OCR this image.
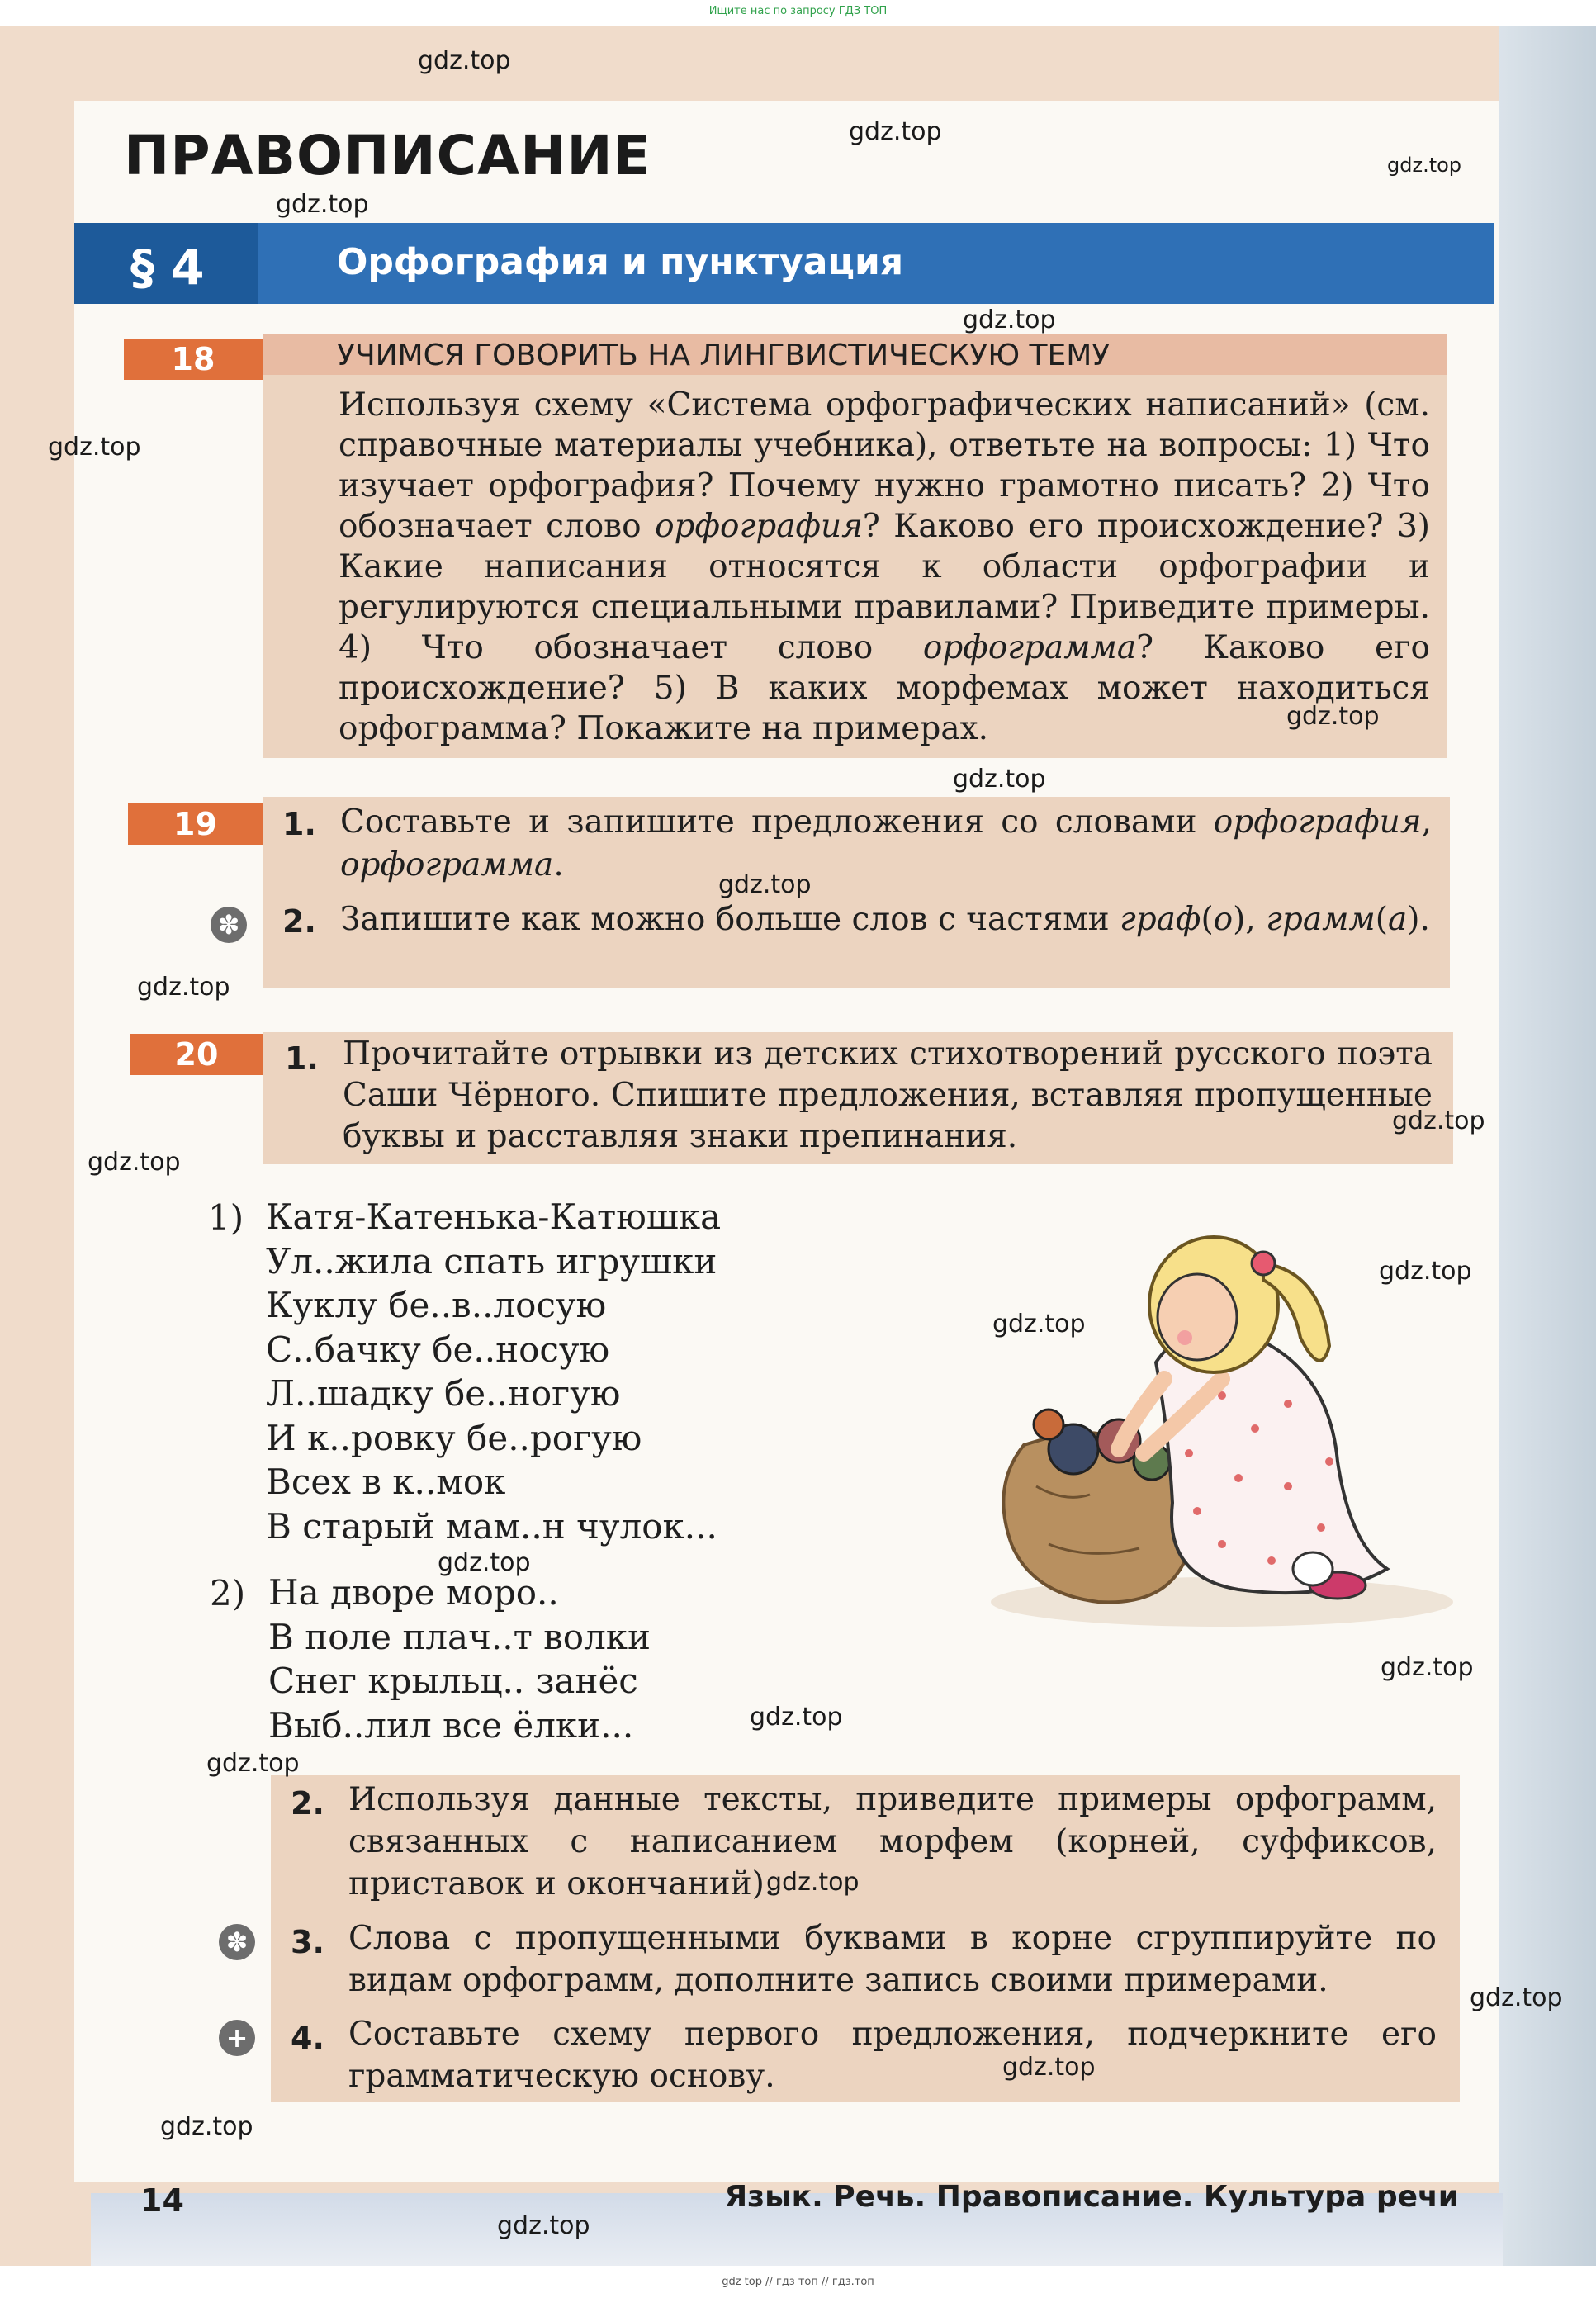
Ищите нас по запросу ГДЗ ТОП
ПРАВОПИСАНИЕ
§ 4	Орфография и пунктуация
18	УЧИМСЯ ГОВОРИТЬ НА ЛИНГВИСТИЧЕСКУЮ ТЕМУ

Используя схему «Система орфографических написаний» (см. справочные материалы учебника), ответьте на вопросы: 1) Что изучает орфография? Почему нужно грамотно писать? 2) Что обозначает слово орфография? Каково его происхождение? 3) Какие написания относятся к области орфографии и регулируются специальными правилами? Приведите примеры. 4) Что обозначает слово орфограмма? Каково его происхождение? 5) В каких морфемах может находиться орфограмма? Покажите на примерах.

19	1. Составьте и запишите предложения со словами орфография, орфограмма.

✽ 2. Запишите как можно больше слов с частями граф(о), грамм(а).

20	1. Прочитайте отрывки из детских стихотворений русского поэта Саши Чёрного. Спишите предложения, вставляя пропущенные буквы и расставляя знаки препинания.

1) Катя-Катенька-Катюшка
Ул..жила спать игрушки
Куклу бе..в..лосую
С..бачку бе..носую
Л..шадку бе..ногую
И к..ровку бе..рогую
Всех в к..мок
В старый мам..н чулок...
2) На дворе моро..
В поле плач..т волки
Снег крыльц.. занёс
Выб..лил все ёлки...
2. Используя данные тексты, приведите примеры орфограмм, связанных с написанием морфем (корней, суффиксов, приставок и окончаний).

✽ 3. Слова с пропущенными буквами в корне сгруппируйте по видам орфограмм, дополните запись своими примерами.

+ 4. Составьте схему первого предложения, подчеркните его грамматическую основу.

14	Язык. Речь. Правописание. Культура речи
gdz.top
gdz.top
gdz.top
gdz.top
gdz.top
gdz.top
gdz.top
gdz.top
gdz.top
gdz.top
gdz.top
gdz.top
gdz.top
gdz.top
gdz.top
gdz.top
gdz.top
gdz.top
gdz.top
gdz.top
gdz.top
gdz.top
gdz.top
gdz top // гдз топ // гдз.топ
